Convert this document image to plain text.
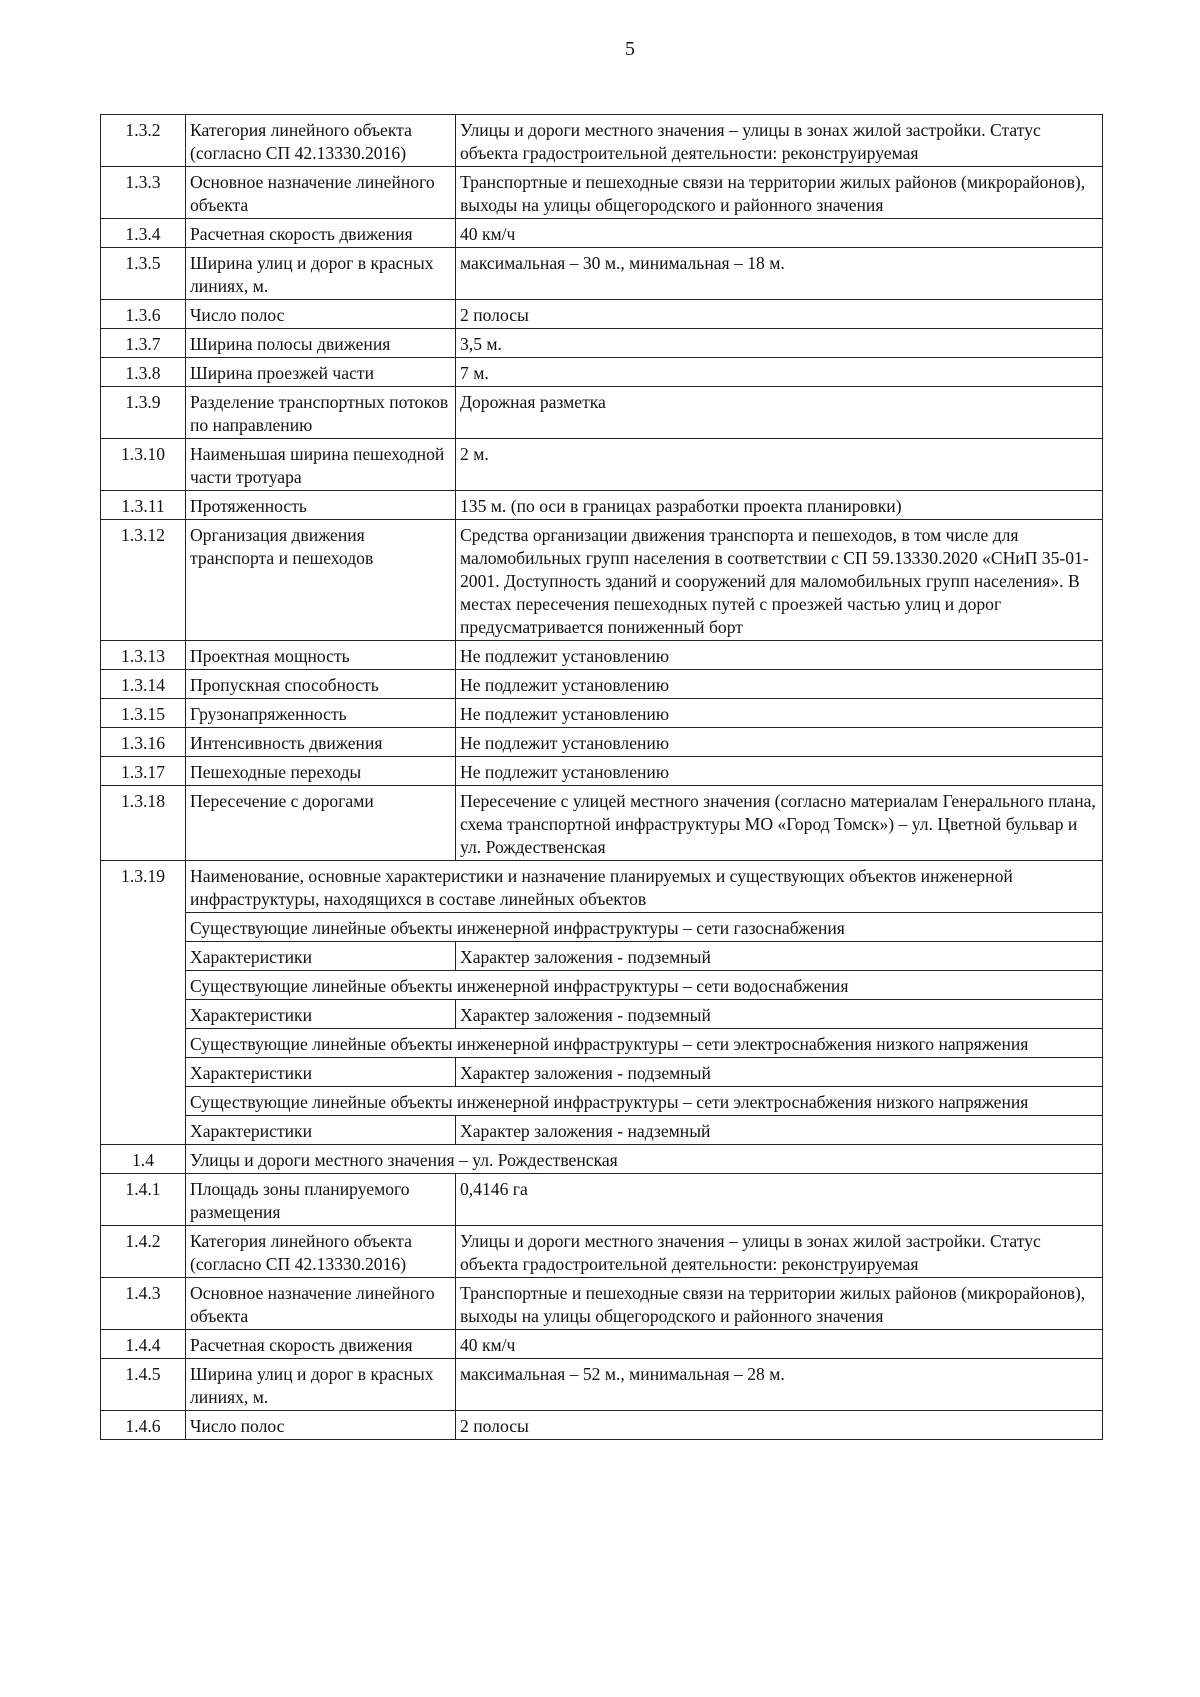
5
1.3.2	Категория линейного объекта (согласно СП 42.13330.2016)	Улицы и дороги местного значения – улицы в зонах жилой застройки. Статус объекта градостроительной деятельности: реконструируемая
1.3.3	Основное назначение линейного объекта	Транспортные и пешеходные связи на территории жилых районов (микрорайонов), выходы на улицы общегородского и районного значения
1.3.4	Расчетная скорость движения	40 км/ч
1.3.5	Ширина улиц и дорог в красных линиях, м.	максимальная – 30 м., минимальная – 18 м.
1.3.6	Число полос	2 полосы
1.3.7	Ширина полосы движения	3,5 м.
1.3.8	Ширина проезжей части	7 м.
1.3.9	Разделение транспортных потоков по направлению	Дорожная разметка
1.3.10	Наименьшая ширина пешеходной части тротуара	2 м.
1.3.11	Протяженность	135 м. (по оси в границах разработки проекта планировки)
1.3.12	Организация движения транспорта и пешеходов	Средства организации движения транспорта и пешеходов, в том числе для маломобильных групп населения в соответствии с СП 59.13330.2020 «СНиП 35-01-2001. Доступность зданий и сооружений для маломобильных групп населения». В местах пересечения пешеходных путей с проезжей частью улиц и дорог предусматривается пониженный борт
1.3.13	Проектная мощность	Не подлежит установлению
1.3.14	Пропускная способность	Не подлежит установлению
1.3.15	Грузонапряженность	Не подлежит установлению
1.3.16	Интенсивность движения	Не подлежит установлению
1.3.17	Пешеходные переходы	Не подлежит установлению
1.3.18	Пересечение с дорогами	Пересечение с улицей местного значения (согласно материалам Генерального плана, схема транспортной инфраструктуры МО «Город Томск») – ул. Цветной бульвар и ул. Рождественская
1.3.19	Наименование, основные характеристики и назначение планируемых и существующих объектов инженерной инфраструктуры, находящихся в составе линейных объектов	
	Существующие линейные объекты инженерной инфраструктуры – сети газоснабжения	
	Характеристики	Характер заложения - подземный
	Существующие линейные объекты инженерной инфраструктуры – сети водоснабжения	
	Характеристики	Характер заложения - подземный
	Существующие линейные объекты инженерной инфраструктуры – сети электроснабжения низкого напряжения	
	Характеристики	Характер заложения - подземный
	Существующие линейные объекты инженерной инфраструктуры – сети электроснабжения низкого напряжения	
	Характеристики	Характер заложения - надземный
1.4	Улицы и дороги местного значения – ул. Рождественская	
1.4.1	Площадь зоны планируемого размещения	0,4146 га
1.4.2	Категория линейного объекта (согласно СП 42.13330.2016)	Улицы и дороги местного значения – улицы в зонах жилой застройки. Статус объекта градостроительной деятельности: реконструируемая
1.4.3	Основное назначение линейного объекта	Транспортные и пешеходные связи на территории жилых районов (микрорайонов), выходы на улицы общегородского и районного значения
1.4.4	Расчетная скорость движения	40 км/ч
1.4.5	Ширина улиц и дорог в красных линиях, м.	максимальная – 52 м., минимальная – 28 м.
1.4.6	Число полос	2 полосы
